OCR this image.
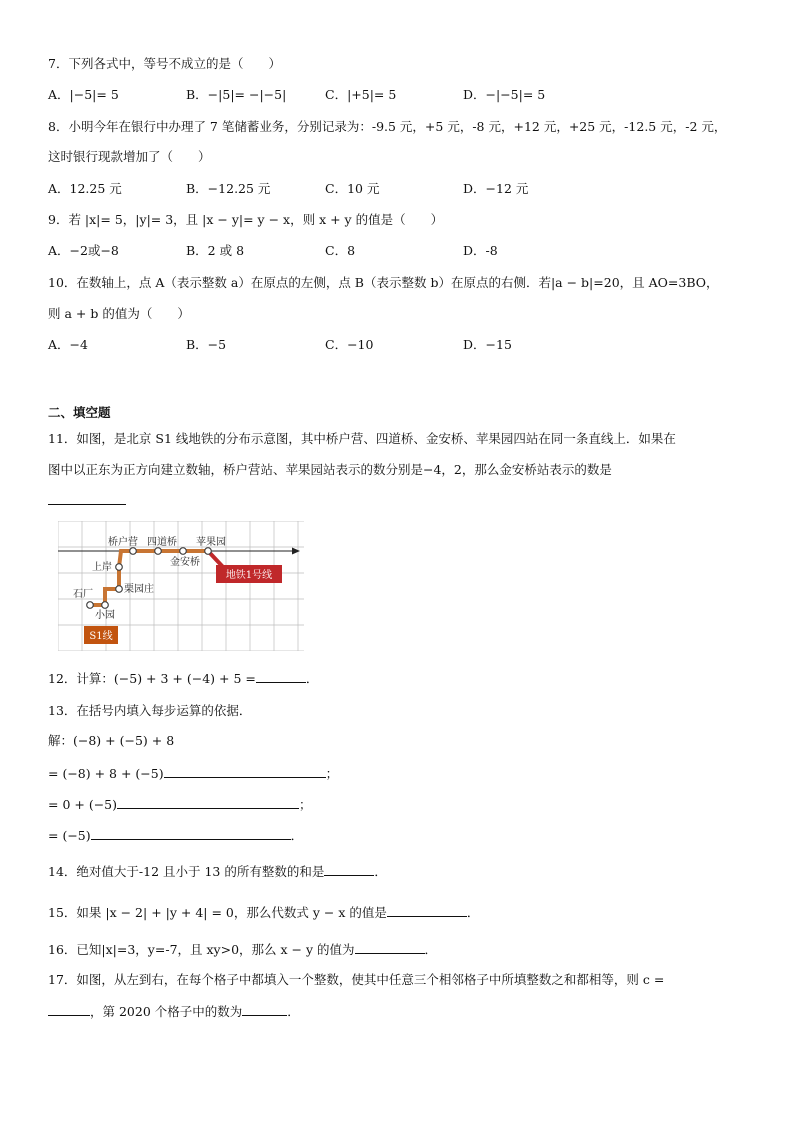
7．下列各式中，等号不成立的是（　　）
A．|−5|= 5	B．−|5|= −|−5|	C．|+5|= 5	D．−|−5|= 5
8．小明今年在银行中办理了 7 笔储蓄业务，分别记录为：-9.5 元，+5 元，-8 元，+12 元，+25 元，-12.5 元，-2 元，
这时银行现款增加了（　　）
A．12.25 元	B．−12.25 元	C．10 元	D．−12 元
9．若 |x|= 5，|y|= 3，且 |x − y|= y − x，则 x + y 的值是（　　）
A．−2或−8	B．2 或 8	C．8	D．-8
10．在数轴上，点 A（表示整数 a）在原点的左侧，点 B（表示整数 b）在原点的右侧．若|a − b|=20，且 AO=3BO，
则 a + b 的值为（　　）
A．−4	B．−5	C．−10	D．−15
二、填空题
11．如图，是北京 S1 线地铁的分布示意图，其中桥户营、四道桥、金安桥、苹果园四站在同一条直线上．如果在
图中以正东为正方向建立数轴，桥户营站、苹果园站表示的数分别是−4，2，那么金安桥站表示的数是
地铁1号线
桥户营 四道桥 苹果园
金安桥
上岸
栗园庄
石厂
小园
S1线
12．计算：(−5) + 3 + (−4) + 5 =	．
13．在括号内填入每步运算的依据．
解：(−8) + (−5) + 8
= (−8) + 8 + (−5)	；
= 0 + (−5)	；
= (−5)	．
14．绝对值大于-12 且小于 13 的所有整数的和是	．
15．如果 |x − 2| + |y + 4| = 0，那么代数式 y − x 的值是	．
16．已知|x|=3，y=-7，且 xy>0，那么 x − y 的值为	．
17．如图，从左到右，在每个格子中都填入一个整数，使其中任意三个相邻格子中所填整数之和都相等，则 c =
，第 2020 个格子中的数为	．
